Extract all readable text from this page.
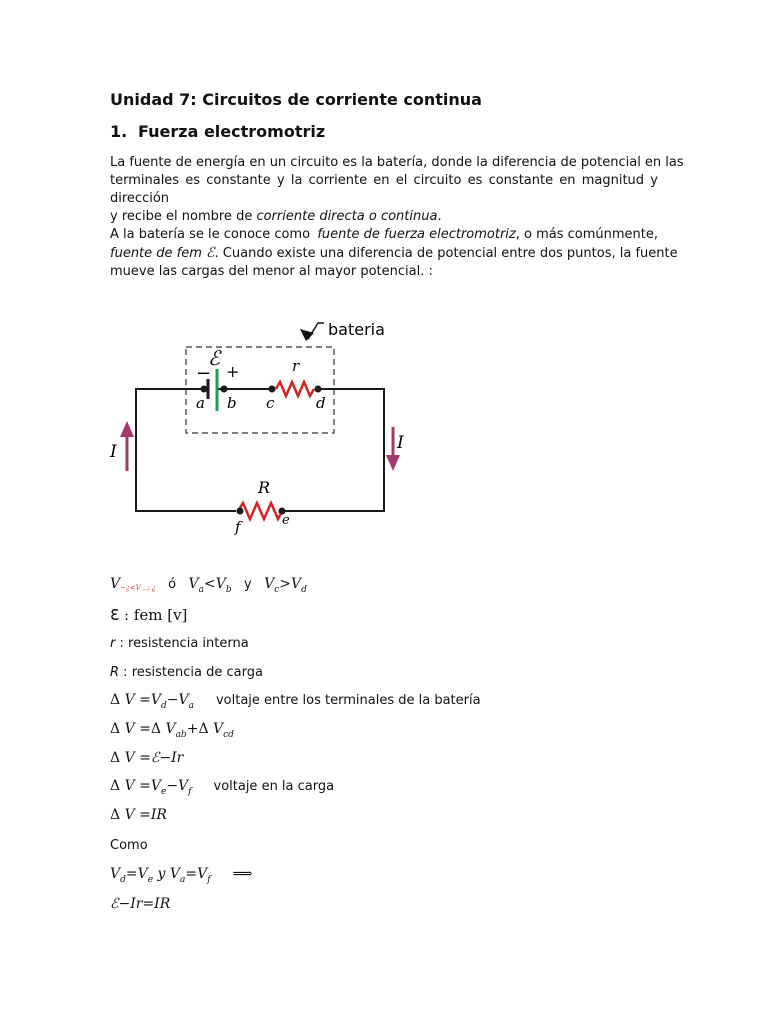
Unidad 7: Circuitos de corriente continua
1. Fuerza electromotriz
La fuente de energía en un circuito es la batería, donde la diferencia de potencial en las
terminales es constante y la corriente en el circuito es constante en magnitud y
dirección
y recibe el nombre de corriente directa o continua.
A la batería se le conoce como fuente de fuerza electromotriz, o más comúnmente,
fuente de fem ℰ. Cuando existe una diferencia de potencial entre dos puntos, la fuente
mueve las cargas del menor al mayor potencial. :
bateria
− +
ℰ	r
a b c	d
R
f	e
I	I
V−¿<V ,.; ¿ ó $V_a<V_b$ y $V_c>V_d$
ℇ : fem [v]
r : resistencia interna
R : resistencia de carga
Δ $V =V_d-V_a$ voltaje entre los terminales de la batería
Δ V =Δ $V_{ab}+\Delta$ $V_{cd}$
Δ V =ℰ−Ir
Δ $V =V_e-V_f$ voltaje en la carga
Δ V =IR
Como
$V_d=V_e$ y $V_a=V_f$ ⟹
ℰ−Ir=IR
